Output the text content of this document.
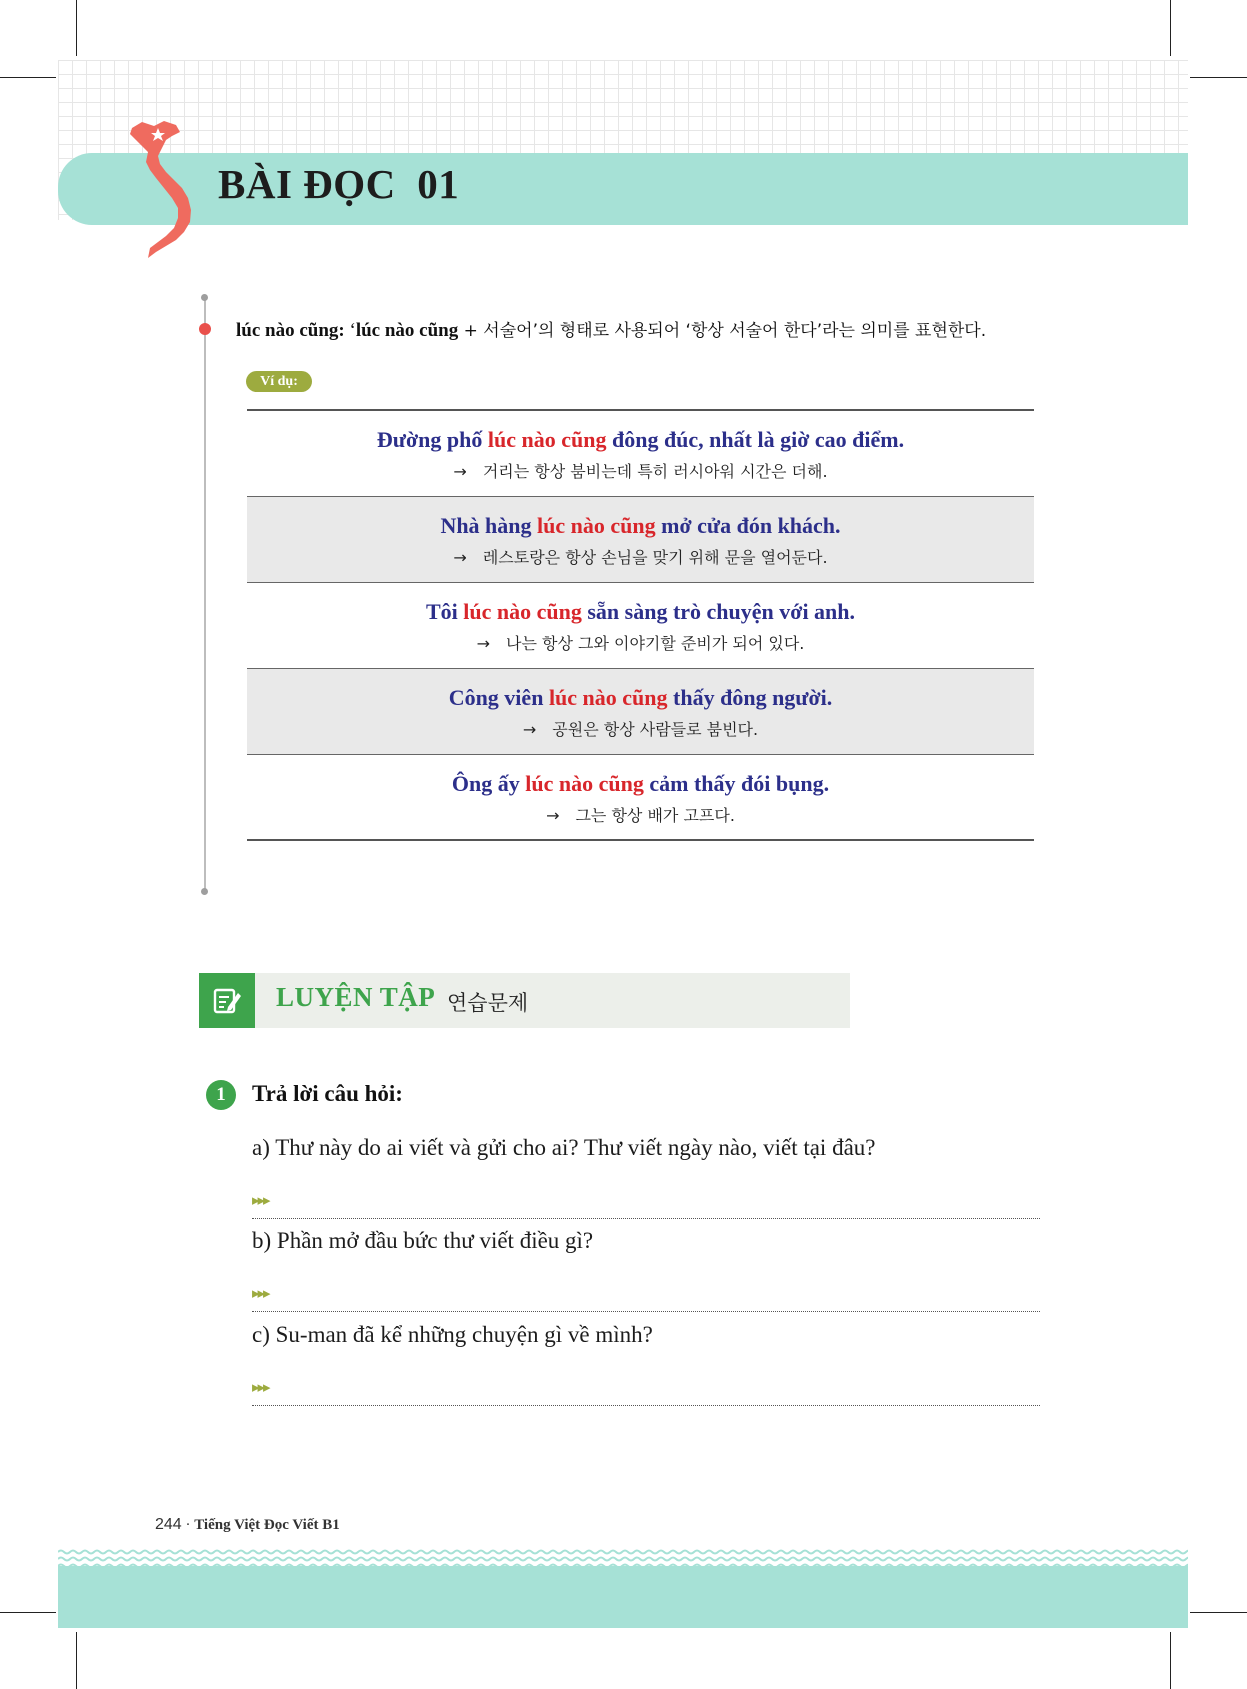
BÀI ĐỌC  01
lúc nào cũng: ‘lúc nào cũng + 서술어’의 형태로 사용되어 ‘항상 서술어 한다’라는 의미를 표현한다.
Ví dụ:
Đường phố lúc nào cũng đông đúc, nhất là giờ cao điểm.
→ 거리는 항상 붐비는데 특히 러시아워 시간은 더해.
Nhà hàng lúc nào cũng mở cửa đón khách.
→ 레스토랑은 항상 손님을 맞기 위해 문을 열어둔다.
Tôi lúc nào cũng sẵn sàng trò chuyện với anh.
→ 나는 항상 그와 이야기할 준비가 되어 있다.
Công viên lúc nào cũng thấy đông người.
→ 공원은 항상 사람들로 붐빈다.
Ông ấy lúc nào cũng cảm thấy đói bụng.
→ 그는 항상 배가 고프다.
LUYỆN TẬP 연습문제
1	Trả lời câu hỏi:
a) Thư này do ai viết và gửi cho ai? Thư viết ngày nào, viết tại đâu?
▸▸▸
b) Phần mở đầu bức thư viết điều gì?
▸▸▸
c) Su-man đã kể những chuyện gì về mình?
▸▸▸
244 · Tiếng Việt Đọc Viết B1
